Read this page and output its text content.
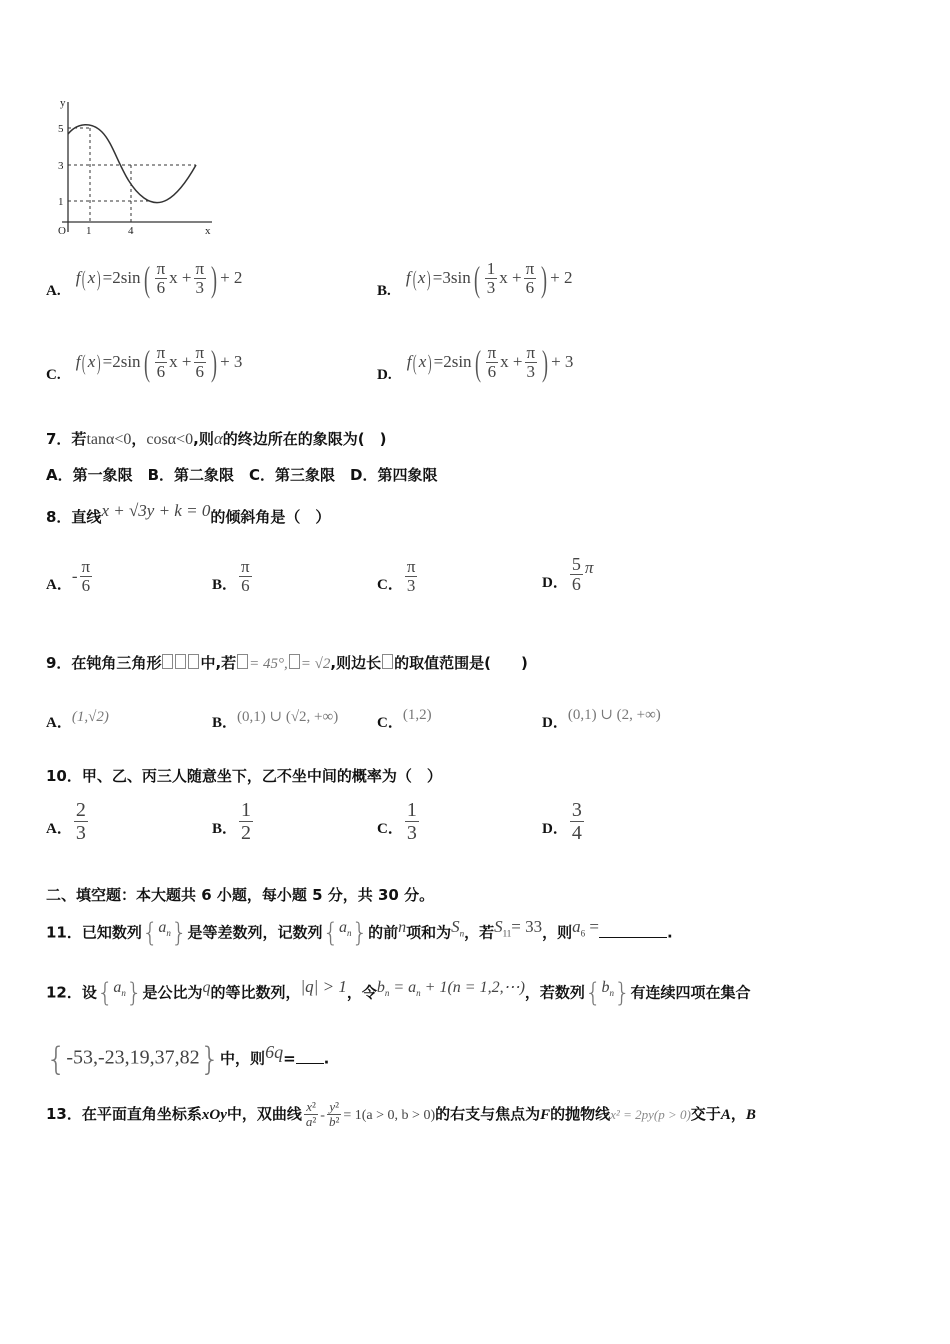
y
x
O
5
3
1
1	4
A. f( $x) =2\sin( \frac{\pi}{6}$ $x + \frac{\pi}{3}$ ) + 2
B. f( $x) =3\sin( \frac{1}{3}$ $x + \frac{\pi}{6}$ ) + 2
C. f( $x) =2\sin( \frac{\pi}{6}$ $x + \frac{\pi}{6}$ ) + 3
D. f( $x) =2\sin( \frac{\pi}{6}$ $x + \frac{\pi}{3}$ ) + 3
7．若tanα<0，cosα<0,则α的终边所在的象限为(　)
A．第一象限　B．第二象限　C．第三象限　D．第四象限
8．直线x + √3y + k = 0的倾斜角是（　）
A．- $\frac{\pi}{6}$	B． $\frac{\pi}{6}$	C． $\frac{\pi}{3}$	D． $\frac{5}{6}$ π
9．在钝角三角形	中,若 = 45°, = √2,则边长 的取值范围是(　　)
A．(1,√2)	B．(0,1) ∪ (√2, +∞)	C．(1,2)	D．(0,1) ∪ (2, +∞)
10．甲、乙、丙三人随意坐下，乙不坐中间的概率为（　）
A． $\frac{2}{3}$	B． $\frac{1}{2}$	C． $\frac{1}{3}$	D． $\frac{3}{4}$
二、填空题：本大题共 6 小题，每小题 5 分，共 30 分。
11．已知数列$\{a_n\}$是等差数列，记数列$\{a_n\}$的前n项和为$S_n$，若$S_{11}= 33$，则$a_6$ =	.
12．设$\{a_n\}$是公比为q的等比数列，|q| > 1，令$b_n = a_n + 1(n$ = 1,2,⋯)，若数列$\{b_n\}$有连续四项在集合
{-53,-23,19,37,82}中，则6q= .
13．在平面直角坐标系xOy中，双曲线 $\frac{\text{x²}}{\text{a²}} - \frac{\text{y²}}{\text{b²}} = 1(a > 0$, b > 0)的右支与焦点为F的抛物线x² = 2py(p > 0)交于A，B
